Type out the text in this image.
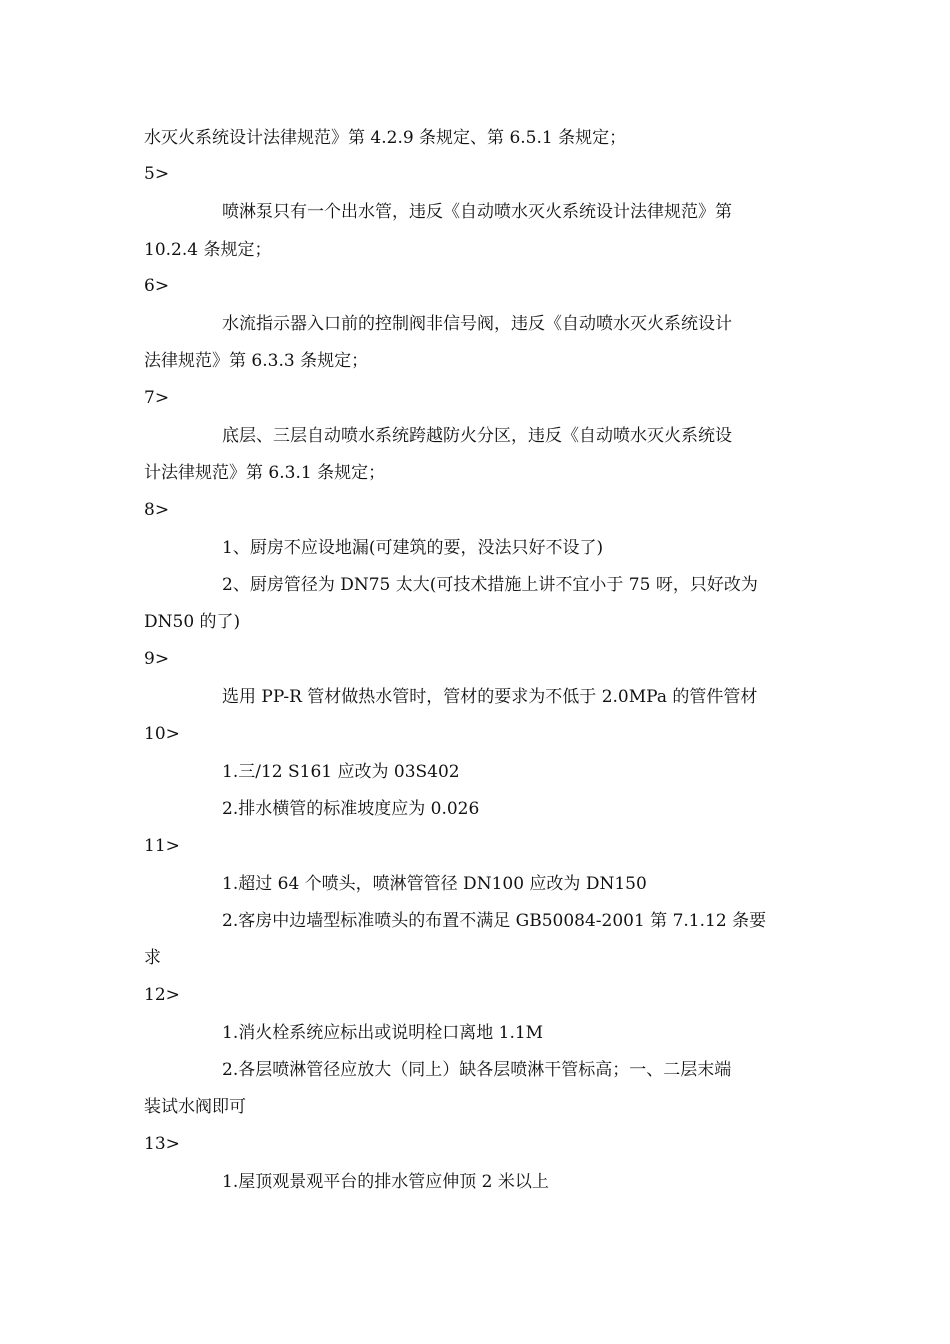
水灭火系统设计法律规范》第 4.2.9 条规定、第 6.5.1 条规定；
5>
喷淋泵只有一个出水管，违反《自动喷水灭火系统设计法律规范》第
10.2.4 条规定；
6>
水流指示器入口前的控制阀非信号阀，违反《自动喷水灭火系统设计
法律规范》第 6.3.3 条规定；
7>
底层、三层自动喷水系统跨越防火分区，违反《自动喷水灭火系统设
计法律规范》第 6.3.1 条规定；
8>
1、厨房不应设地漏(可建筑的要，没法只好不设了)
2、厨房管径为 DN75 太大(可技术措施上讲不宜小于 75 呀，只好改为
DN50 的了)
9>
选用 PP-R 管材做热水管时，管材的要求为不低于 2.0MPa 的管件管材
10>
1.三/12 S161 应改为 03S402
2.排水横管的标准坡度应为 0.026
11>
1.超过 64 个喷头，喷淋管管径 DN100 应改为 DN150
2.客房中边墙型标准喷头的布置不满足 GB50084-2001 第 7.1.12 条要
求
12>
1.消火栓系统应标出或说明栓口离地 1.1M
2.各层喷淋管径应放大（同上）缺各层喷淋干管标高；一、二层末端
装试水阀即可
13>
1.屋顶观景观平台的排水管应伸顶 2 米以上
